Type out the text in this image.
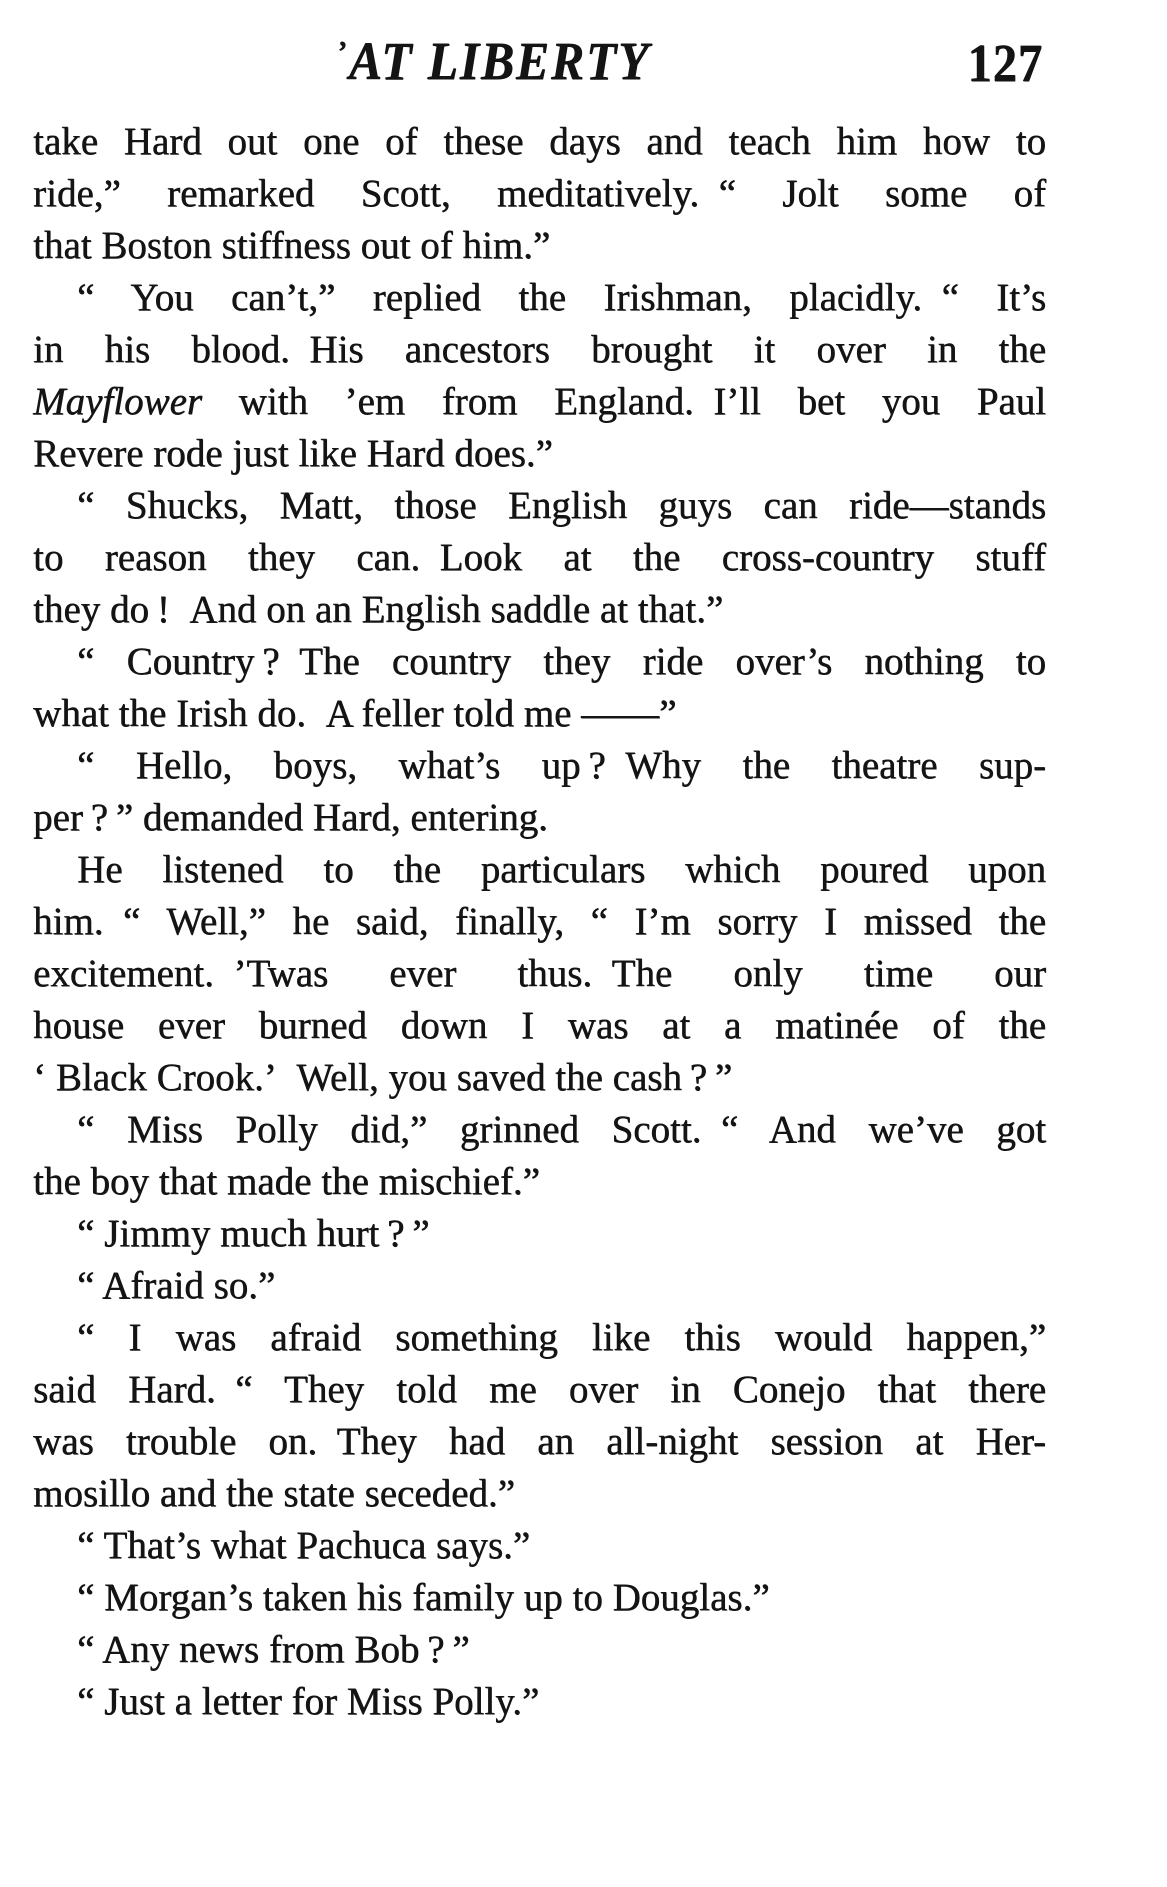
’AT LIBERTY	127
take Hard out one of these days and teach him how to
ride,” remarked Scott, meditatively. “ Jolt some of
that Boston stiffness out of him.”
“ You can’t,” replied the Irishman, placidly. “ It’s
in his blood. His ancestors brought it over in the
Mayflower with ’em from England. I’ll bet you Paul
Revere rode just like Hard does.”
“ Shucks, Matt, those English guys can ride—stands
to reason they can. Look at the cross-country stuff
they do ! And on an English saddle at that.”
“ Country ? The country they ride over’s nothing to
what the Irish do. A feller told me ——”
“ Hello, boys, what’s up ? Why the theatre sup-
per ? ” demanded Hard, entering.
He listened to the particulars which poured upon
him. “ Well,” he said, finally, “ I’m sorry I missed the
excitement. ’Twas ever thus. The only time our
house ever burned down I was at a matinée of the
‘ Black Crook.’ Well, you saved the cash ? ”
“ Miss Polly did,” grinned Scott. “ And we’ve got
the boy that made the mischief.”
“ Jimmy much hurt ? ”
“ Afraid so.”
“ I was afraid something like this would happen,”
said Hard. “ They told me over in Conejo that there
was trouble on. They had an all-night session at Her-
mosillo and the state seceded.”
“ That’s what Pachuca says.”
“ Morgan’s taken his family up to Douglas.”
“ Any news from Bob ? ”
“ Just a letter for Miss Polly.”
